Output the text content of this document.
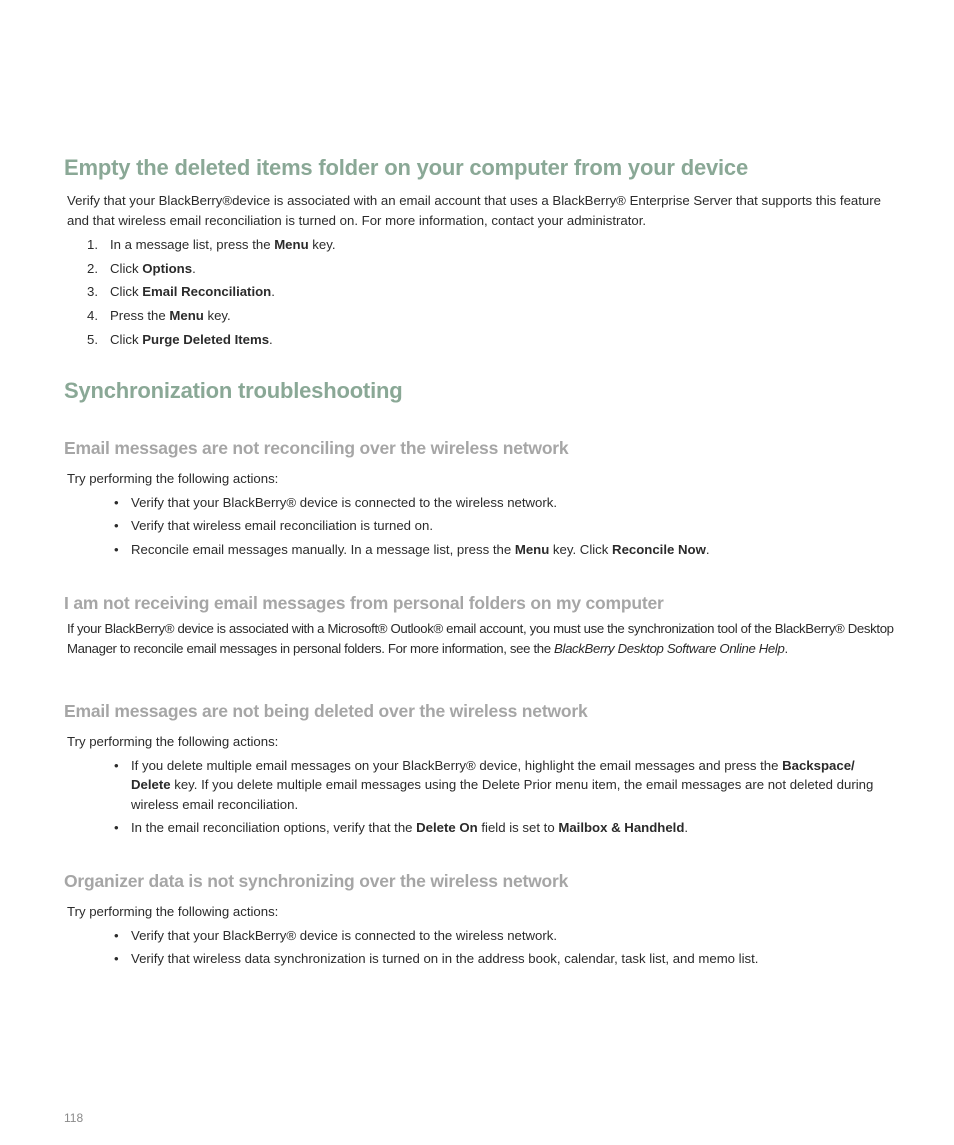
Empty the deleted items folder on your computer from your device

Verify that your BlackBerry®device is associated with an email account that uses a BlackBerry® Enterprise Server that supports this feature and that wireless email reconciliation is turned on. For more information, contact your administrator.

1. In a message list, press the Menu key.
2. Click Options.
3. Click Email Reconciliation.
4. Press the Menu key.
5. Click Purge Deleted Items.
Synchronization troubleshooting
Email messages are not reconciling over the wireless network

Try performing the following actions:

• Verify that your BlackBerry® device is connected to the wireless network.
• Verify that wireless email reconciliation is turned on.
• Reconcile email messages manually. In a message list, press the Menu key. Click Reconcile Now.
I am not receiving email messages from personal folders on my computer

If your BlackBerry® device is associated with a Microsoft® Outlook® email account, you must use the synchronization tool of the BlackBerry® Desktop Manager to reconcile email messages in personal folders. For more information, see the BlackBerry Desktop Software Online Help.

Email messages are not being deleted over the wireless network

Try performing the following actions:

• If you delete multiple email messages on your BlackBerry® device, highlight the email messages and press the Backspace/ Delete key. If you delete multiple email messages using the Delete Prior menu item, the email messages are not deleted during wireless email reconciliation.
• In the email reconciliation options, verify that the Delete On field is set to Mailbox & Handheld.
Organizer data is not synchronizing over the wireless network

Try performing the following actions:

• Verify that your BlackBerry® device is connected to the wireless network.
• Verify that wireless data synchronization is turned on in the address book, calendar, task list, and memo list.
118
